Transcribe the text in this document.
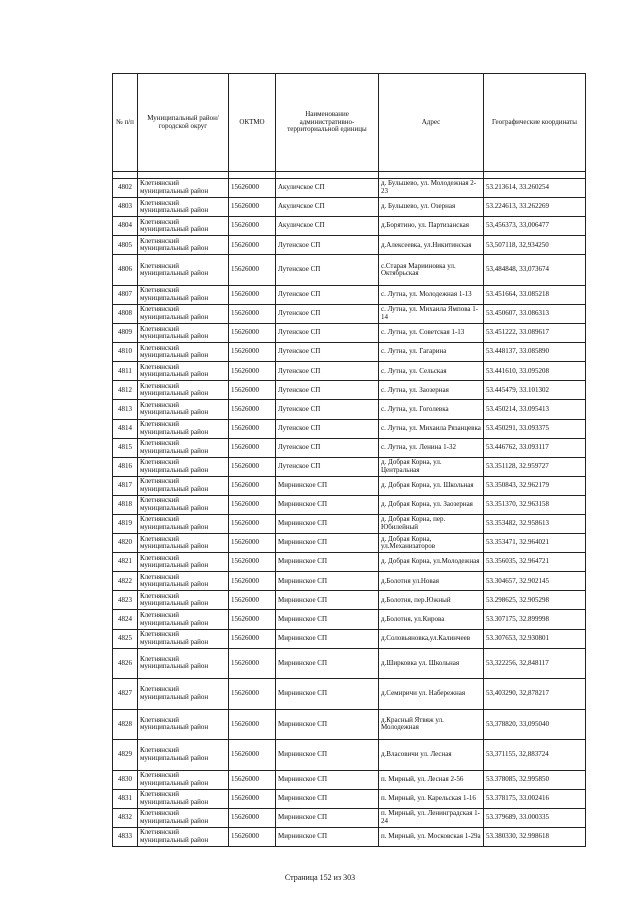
№ п/п	Муниципальный район/городской округ	ОКТМО	Наименование административно-территориальной единицы	Адрес	Географические координаты

4802	Клетнянский муниципальный район	15626000	Акуличское СП	д. Бульшево, ул. Молодежная 2-23	53.213614, 33.260254
4803	Клетнянский муниципальный район	15626000	Акуличское СП	д. Бульшево, ул. Озерная	53.224613, 33.262269
4804	Клетнянский муниципальный район	15626000	Акуличское СП	д.Борятино, ул. Партизанская	53,456373, 33,006477
4805	Клетнянский муниципальный район	15626000	Лутенское СП	д.Алексеевка, ул.Никитинская	53,507118, 32,934250
4806	Клетнянский муниципальный район	15626000	Лутенское СП	с.Старая Марииновка ул. Октябрьская	53,484848, 33,073674
4807	Клетнянский муниципальный район	15626000	Лутенское СП	с. Лутна, ул. Молодежная 1-13	53.451664, 33.085218
4808	Клетнянский муниципальный район	15626000	Лутенское СП	с. Лутна, ул. Михаила Ямпова 1-14	53.450607, 33.086313
4809	Клетнянский муниципальный район	15626000	Лутенское СП	с. Лутна, ул. Советская 1-13	53.451222, 33.089617
4810	Клетнянский муниципальный район	15626000	Лутенское СП	с. Лутна, ул. Гагарина	53.448137, 33.085890
4811	Клетнянский муниципальный район	15626000	Лутенское СП	с. Лутна, ул. Сельская	53.441610, 33.095208
4812	Клетнянский муниципальный район	15626000	Лутенское СП	с. Лутна, ул. Заозерная	53.445479, 33.101302
4813	Клетнянский муниципальный район	15626000	Лутенское СП	с. Лутна, ул. Гоголевка	53.450214, 33.095413
4814	Клетнянский муниципальный район	15626000	Лутенское СП	с. Лутна, ул. Михаила Рязанцевка	53.450291, 33.093375
4815	Клетнянский муниципальный район	15626000	Лутенское СП	с. Лутна, ул. Ленина 1-32	53.446762, 33.093117
4816	Клетнянский муниципальный район	15626000	Лутенское СП	д. Добрая Корна, ул. Центральная	53.351128, 32.959727
4817	Клетнянский муниципальный район	15626000	Мирнинское СП	д. Добрая Корна, ул. Школьная	53.350843, 32.962179
4818	Клетнянский муниципальный район	15626000	Мирнинское СП	д. Добрая Корна, ул. Заозерная	53.351370, 32.963158
4819	Клетнянский муниципальный район	15626000	Мирнинское СП	д. Добрая Корна, пер. Юбилейный	53.353482, 32.958613
4820	Клетнянский муниципальный район	15626000	Мирнинское СП	д. Добрая Корна, ул.Механизаторов	53.353471, 32.964021
4821	Клетнянский муниципальный район	15626000	Мирнинское СП	д. Добрая Корна, ул.Молодежная	53.356035, 32.964721
4822	Клетнянский муниципальный район	15626000	Мирнинское СП	д.Болотня ул.Новая	53.304657, 32.902145
4823	Клетнянский муниципальный район	15626000	Мирнинское СП	д.Болотня, пер.Южный	53.298625, 32.905298
4824	Клетнянский муниципальный район	15626000	Мирнинское СП	д.Болотня, ул.Кирова	53.307175, 32.899998
4825	Клетнянский муниципальный район	15626000	Мирнинское СП	д.Соловьяновка,ул.Калинчеев	53.307653, 32.930801
4826	Клетнянский муниципальный район	15626000	Мирнинское СП	д.Ширковка ул. Школьная	53,322256, 32,848117
4827	Клетнянский муниципальный район	15626000	Мирнинское СП	д.Семиричи ул. Набережная	53,403290, 32,878217
4828	Клетнянский муниципальный район	15626000	Мирнинское СП	д.Красный Ятвяж ул. Молодежная	53,378820, 33,095040
4829	Клетнянский муниципальный район	15626000	Мирнинское СП	д.Власовичи ул. Лесная	53,371155, 32,883724
4830	Клетнянский муниципальный район	15626000	Мирнинское СП	п. Мирный, ул. Лесная 2-56	53.378085, 32.995850
4831	Клетнянский муниципальный район	15626000	Мирнинское СП	п. Мирный, ул. Карельская 1-16	53.378175, 33.002416
4832	Клетнянский муниципальный район	15626000	Мирнинское СП	п. Мирный, ул. Ленинградская 1-24	53.379689, 33.000335
4833	Клетнянский муниципальный район	15626000	Мирнинское СП	п. Мирный, ул. Московская 1-29а	53.380330, 32.998618
Страница 152 из 303
